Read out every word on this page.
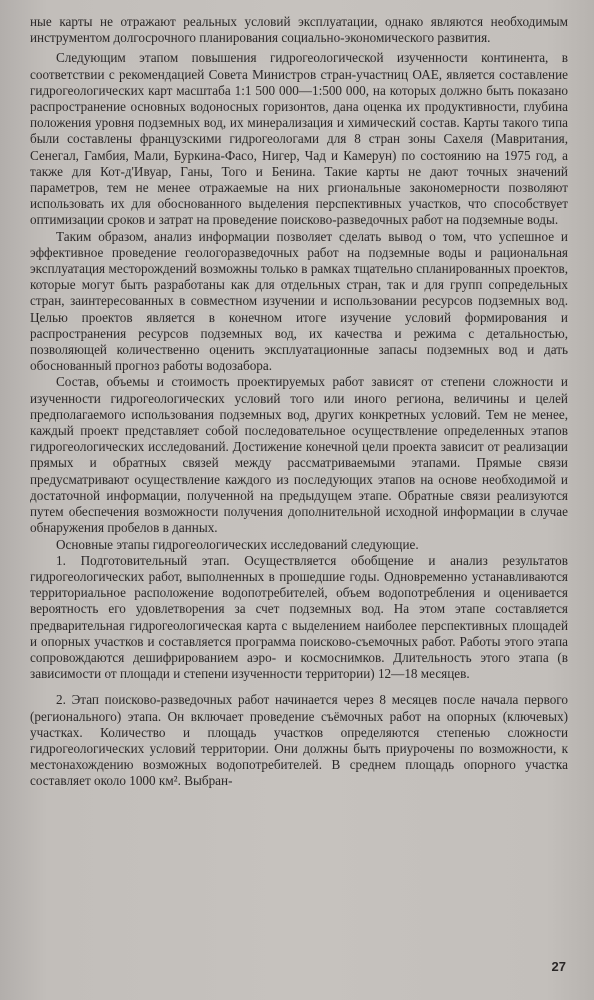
ные карты не отражают реальных условий эксплуатации, однако являются необходимым инструментом долгосрочного планирования социально-экономического развития.

Следующим этапом повышения гидрогеологической изученности континента, в соответствии с рекомендацией Совета Министров стран-участниц ОАЕ, является составление гидрогеологических карт масштаба 1:1 500 000—1:500 000, на которых должно быть показано распространение основных водоносных горизонтов, дана оценка их продуктивности, глубина положения уровня подземных вод, их минерализация и химический состав. Карты такого типа были составлены французскими гидрогеологами для 8 стран зоны Сахеля (Мавритания, Сенегал, Гамбия, Мали, Буркина-Фасо, Нигер, Чад и Камерун) по состоянию на 1975 год, а также для Кот-д'Ивуар, Ганы, Того и Бенина. Такие карты не дают точных значений параметров, тем не менее отражаемые на них ргиональные закономерности позволяют использовать их для обоснованного выделения перспективных участков, что способствует оптимизации сроков и затрат на проведение поисково-разведочных работ на подземные воды.

Таким образом, анализ информации позволяет сделать вывод о том, что успешное и эффективное проведение геологоразведочных работ на подземные воды и рациональная эксплуатация месторождений возможны только в рамках тщательно спланированных проектов, которые могут быть разработаны как для отдельных стран, так и для групп сопредельных стран, заинтересованных в совместном изучении и использовании ресурсов подземных вод. Целью проектов является в конечном итоге изучение условий формирования и распространения ресурсов подземных вод, их качества и режима с детальностью, позволяющей количественно оценить эксплуатационные запасы подземных вод и дать обоснованный прогноз работы водозабора.

Состав, объемы и стоимость проектируемых работ зависят от степени сложности и изученности гидрогеологических условий того или иного региона, величины и целей предполагаемого использования подземных вод, других конкретных условий. Тем не менее, каждый проект представляет собой последовательное осуществление определенных этапов гидрогеологических исследований. Достижение конечной цели проекта зависит от реализации прямых и обратных связей между рассматриваемыми этапами. Прямые связи предусматривают осуществление каждого из последующих этапов на основе необходимой и достаточной информации, полученной на предыдущем этапе. Обратные связи реализуются путем обеспечения возможности получения дополнительной исходной информации в случае обнаружения пробелов в данных.

Основные этапы гидрогеологических исследований следующие.

1. Подготовительный этап. Осуществляется обобщение и анализ результатов гидрогеологических работ, выполненных в прошедшие годы. Одновременно устанавливаются территориальное расположение водопотребителей, объем водопотребления и оценивается вероятность его удовлетворения за счет подземных вод. На этом этапе составляется предварительная гидрогеологическая карта с выделением наиболее перспективных площадей и опорных участков и составляется программа поисково-съемочных работ. Работы этого этапа сопровождаются дешифрированием аэро- и космоснимков. Длительность этого этапа (в зависимости от площади и степени изученности территории) 12—18 месяцев.

2. Этап поисково-разведочных работ начинается через 8 месяцев после начала первого (регионального) этапа. Он включает проведение съёмочных работ на опорных (ключевых) участках. Количество и площадь участков определяются степенью сложности гидрогеологических условий территории. Они должны быть приурочены по возможности, к местонахождению возможных водопотребителей. В среднем площадь опорного участка составляет около 1000 км². Выбран-

27
